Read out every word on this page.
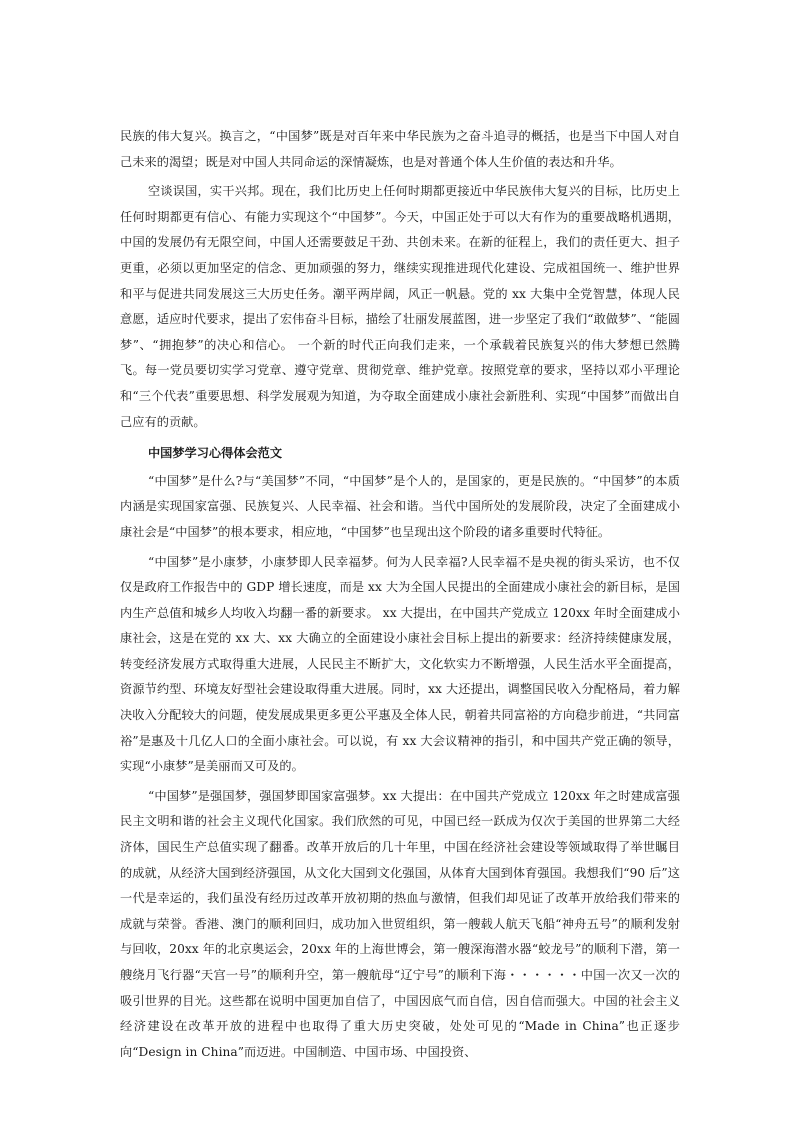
民族的伟大复兴。换言之，“中国梦”既是对百年来中华民族为之奋斗追寻的概括，也是当下中国人对自己未来的渴望；既是对中国人共同命运的深情凝炼，也是对普通个体人生价值的表达和升华。

空谈误国，实干兴邦。现在，我们比历史上任何时期都更接近中华民族伟大复兴的目标，比历史上任何时期都更有信心、有能力实现这个“中国梦”。今天，中国正处于可以大有作为的重要战略机遇期，中国的发展仍有无限空间，中国人还需要鼓足干劲、共创未来。在新的征程上，我们的责任更大、担子更重，必须以更加坚定的信念、更加顽强的努力，继续实现推进现代化建设、完成祖国统一、维护世界和平与促进共同发展这三大历史任务。潮平两岸阔，风正一帆悬。党的 xx 大集中全党智慧，体现人民意愿，适应时代要求，提出了宏伟奋斗目标，描绘了壮丽发展蓝图，进一步坚定了我们“敢做梦”、“能圆梦”、“拥抱梦”的决心和信心。 一个新的时代正向我们走来，一个承载着民族复兴的伟大梦想已然腾飞。每一党员要切实学习党章、遵守党章、贯彻党章、维护党章。按照党章的要求，坚持以邓小平理论和“三个代表”重要思想、科学发展观为知道，为夺取全面建成小康社会新胜利、实现“中国梦”而做出自己应有的贡献。

中国梦学习心得体会范文

“中国梦”是什么?与“美国梦”不同，“中国梦”是个人的，是国家的，更是民族的。“中国梦”的本质内涵是实现国家富强、民族复兴、人民幸福、社会和谐。当代中国所处的发展阶段，决定了全面建成小康社会是“中国梦”的根本要求，相应地，“中国梦”也呈现出这个阶段的诸多重要时代特征。

“中国梦”是小康梦，小康梦即人民幸福梦。何为人民幸福?人民幸福不是央视的街头采访，也不仅仅是政府工作报告中的 GDP 增长速度，而是 xx 大为全国人民提出的全面建成小康社会的新目标，是国内生产总值和城乡人均收入均翻一番的新要求。 xx 大提出，在中国共产党成立 120xx 年时全面建成小康社会，这是在党的 xx 大、xx 大确立的全面建设小康社会目标上提出的新要求：经济持续健康发展，转变经济发展方式取得重大进展，人民民主不断扩大，文化软实力不断增强，人民生活水平全面提高，资源节约型、环境友好型社会建设取得重大进展。同时，xx 大还提出，调整国民收入分配格局，着力解决收入分配较大的问题，使发展成果更多更公平惠及全体人民，朝着共同富裕的方向稳步前进，“共同富裕”是惠及十几亿人口的全面小康社会。可以说，有 xx 大会议精神的指引，和中国共产党正确的领导，实现“小康梦”是美丽而又可及的。

“中国梦”是强国梦，强国梦即国家富强梦。xx 大提出：在中国共产党成立 120xx 年之时建成富强民主文明和谐的社会主义现代化国家。我们欣然的可见，中国已经一跃成为仅次于美国的世界第二大经济体，国民生产总值实现了翻番。改革开放后的几十年里，中国在经济社会建设等领域取得了举世瞩目的成就，从经济大国到经济强国，从文化大国到文化强国，从体育大国到体育强国。我想我们“90 后”这一代是幸运的，我们虽没有经历过改革开放初期的热血与激情，但我们却见证了改革开放给我们带来的成就与荣誉。香港、澳门的顺利回归，成功加入世贸组织，第一艘载人航天飞船“神舟五号”的顺利发射与回收，20xx 年的北京奥运会，20xx 年的上海世博会，第一艘深海潜水器“蛟龙号”的顺利下潜，第一艘绕月飞行器“天宫一号”的顺利升空，第一艘航母“辽宁号”的顺利下海・・・・・・中国一次又一次的吸引世界的目光。这些都在说明中国更加自信了，中国因底气而自信，因自信而强大。中国的社会主义经济建设在改革开放的进程中也取得了重大历史突破，处处可见的“Made in China”也正逐步向“Design in China”而迈进。中国制造、中国市场、中国投资、
